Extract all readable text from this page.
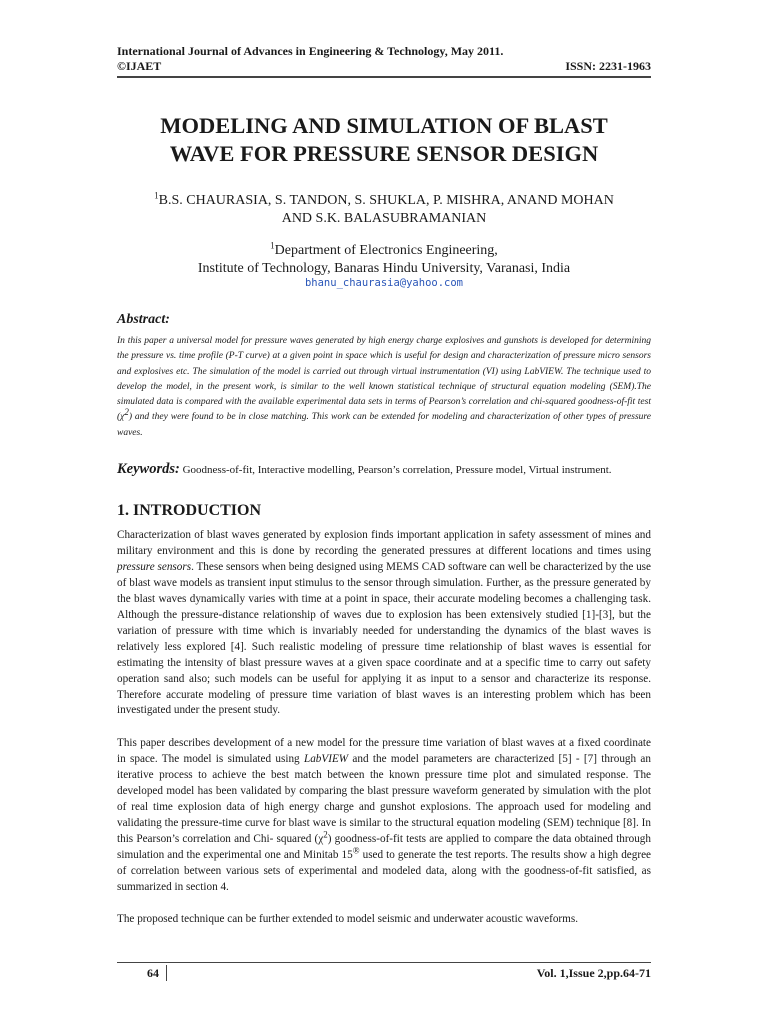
International Journal of Advances in Engineering & Technology, May 2011.
©IJAET	ISSN: 2231-1963
MODELING AND SIMULATION OF BLAST
WAVE FOR PRESSURE SENSOR DESIGN
$^1$B.S. CHAURASIA, S. TANDON, S. SHUKLA, P. MISHRA, ANAND MOHAN
AND S.K. BALASUBRAMANIAN
$^1$Department of Electronics Engineering,
Institute of Technology, Banaras Hindu University, Varanasi, India
bhanu_chaurasia@yahoo.com
Abstract:
In this paper a universal model for pressure waves generated by high energy charge explosives and gunshots is developed for determining the pressure vs. time profile (P-T curve) at a given point in space which is useful for design and characterization of pressure micro sensors and explosives etc. The simulation of the model is carried out through virtual instrumentation (VI) using LabVIEW. The technique used to develop the model, in the present work, is similar to the well known statistical technique of structural equation modeling (SEM).The simulated data is compared with the available experimental data sets in terms of Pearson’s correlation and chi-squared goodness-of-fit test $(\chi^2)$ and they were found to be in close matching. This work can be extended for modeling and characterization of other types of pressure waves.
Keywords: Goodness-of-fit, Interactive modelling, Pearson’s correlation, Pressure model, Virtual instrument.
1. INTRODUCTION
Characterization of blast waves generated by explosion finds important application in safety assessment of mines and military environment and this is done by recording the generated pressures at different locations and times using pressure sensors. These sensors when being designed using MEMS CAD software can well be characterized by the use of blast wave models as transient input stimulus to the sensor through simulation. Further, as the pressure generated by the blast waves dynamically varies with time at a point in space, their accurate modeling becomes a challenging task. Although the pressure-distance relationship of waves due to explosion has been extensively studied [1]-[3], but the variation of pressure with time which is invariably needed for understanding the dynamics of the blast waves is relatively less explored [4]. Such realistic modeling of pressure time relationship of blast waves is essential for estimating the intensity of blast pressure waves at a given space coordinate and at a specific time to carry out safety operation sand also; such models can be useful for applying it as input to a sensor and characterize its response. Therefore accurate modeling of pressure time variation of blast waves is an interesting problem which has been investigated under the present study.
This paper describes development of a new model for the pressure time variation of blast waves at a fixed coordinate in space. The model is simulated using LabVIEW and the model parameters are characterized [5] - [7] through an iterative process to achieve the best match between the known pressure time plot and simulated response. The developed model has been validated by comparing the blast pressure waveform generated by simulation with the plot of real time explosion data of high energy charge and gunshot explosions. The approach used for modeling and validating the pressure-time curve for blast wave is similar to the structural equation modeling (SEM) technique [8]. In this Pearson’s correlation and Chi- squared $(\chi^2)$ goodness-of-fit tests are applied to compare the data obtained through simulation and the experimental one and Minitab 15® used to generate the test reports. The results show a high degree of correlation between various sets of experimental and modeled data, along with the goodness-of-fit satisfied, as summarized in section 4.
The proposed technique can be further extended to model seismic and underwater acoustic waveforms.
64	Vol. 1,Issue 2,pp.64-71
